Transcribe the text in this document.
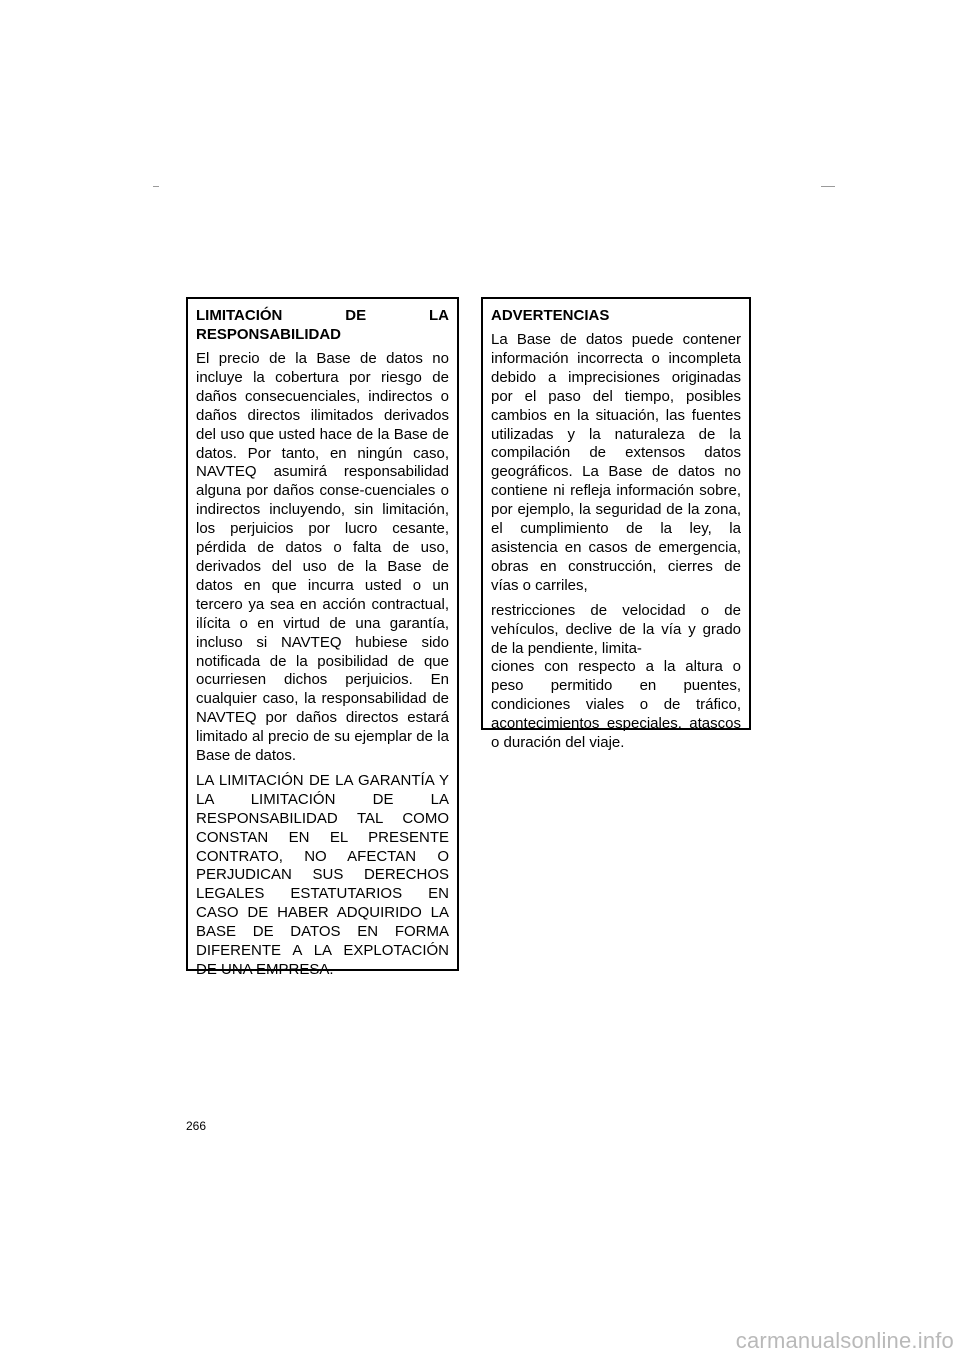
LIMITACIÓN DE LA
RESPONSABILIDAD

El precio de la Base de datos no incluye la cobertura por riesgo de daños consecuenciales, indirectos o daños directos ilimitados derivados del uso que usted hace de la Base de datos. Por tanto, en ningún caso, NAVTEQ asumirá responsabilidad alguna por daños conse-cuenciales o indirectos incluyendo, sin limitación, los perjuicios por lucro cesante, pérdida de datos o falta de uso, derivados del uso de la Base de datos en que incurra usted o un tercero ya sea en acción contractual, ilícita o en virtud de una garantía, incluso si NAVTEQ hubiese sido notificada de la posibilidad de que ocurriesen dichos perjuicios. En cualquier caso, la responsabilidad de NAVTEQ por daños directos estará limitado al precio de su ejemplar de la Base de datos.

LA LIMITACIÓN DE LA GARANTÍA Y LA LIMITACIÓN DE LA RESPONSABILIDAD TAL COMO CONSTAN EN EL PRESENTE CONTRATO, NO AFECTAN O PERJUDICAN SUS DERECHOS LEGALES ESTATUTARIOS EN CASO DE HABER ADQUIRIDO LA BASE DE DATOS EN FORMA DIFERENTE A LA EXPLOTACIÓN DE UNA EMPRESA.

ADVERTENCIAS

La Base de datos puede contener información incorrecta o incompleta debido a imprecisiones originadas por el paso del tiempo, posibles cambios en la situación, las fuentes utilizadas y la naturaleza de la compilación de extensos datos geográficos. La Base de datos no contiene ni refleja información sobre, por ejemplo, la seguridad de la zona, el cumplimiento de la ley, la asistencia en casos de emergencia, obras en construcción, cierres de vías o carriles,

restricciones de velocidad o de vehículos, declive de la vía y grado de la pendiente, limita-

ciones con respecto a la altura o peso permitido en puentes, condiciones viales o de tráfico, acontecimientos especiales, atascos o duración del viaje.

266
carmanualsonline.info
